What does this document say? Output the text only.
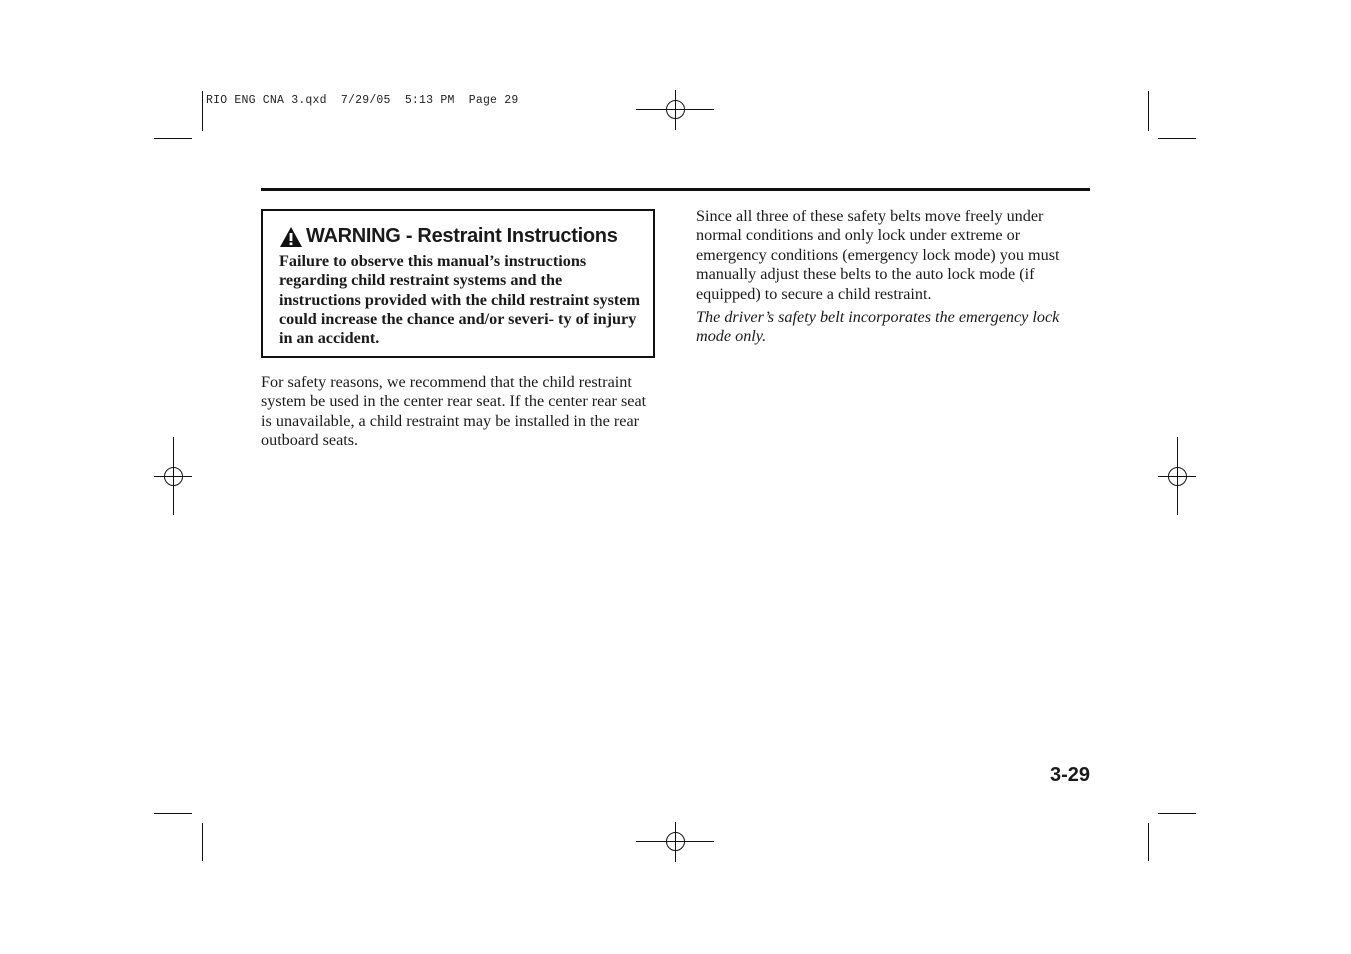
RIO ENG CNA 3.qxd  7/29/05  5:13 PM  Page 29
WARNING - Restraint Instructions
Failure to observe this manual’s instructions regarding child restraint systems and the instructions provided with the child restraint system could increase the chance and/or severi- ty of injury in an accident.
For safety reasons, we recommend that the child restraint system be used in the center rear seat. If the center rear seat is unavailable, a child restraint may be installed in the rear outboard seats.
Since all three of these safety belts move freely under normal conditions and only lock under extreme or emergency conditions (emergency lock mode) you must manually adjust these belts to the auto lock mode (if equipped) to secure a child restraint.
The driver’s safety belt incorporates the emergency lock mode only.
3-29
